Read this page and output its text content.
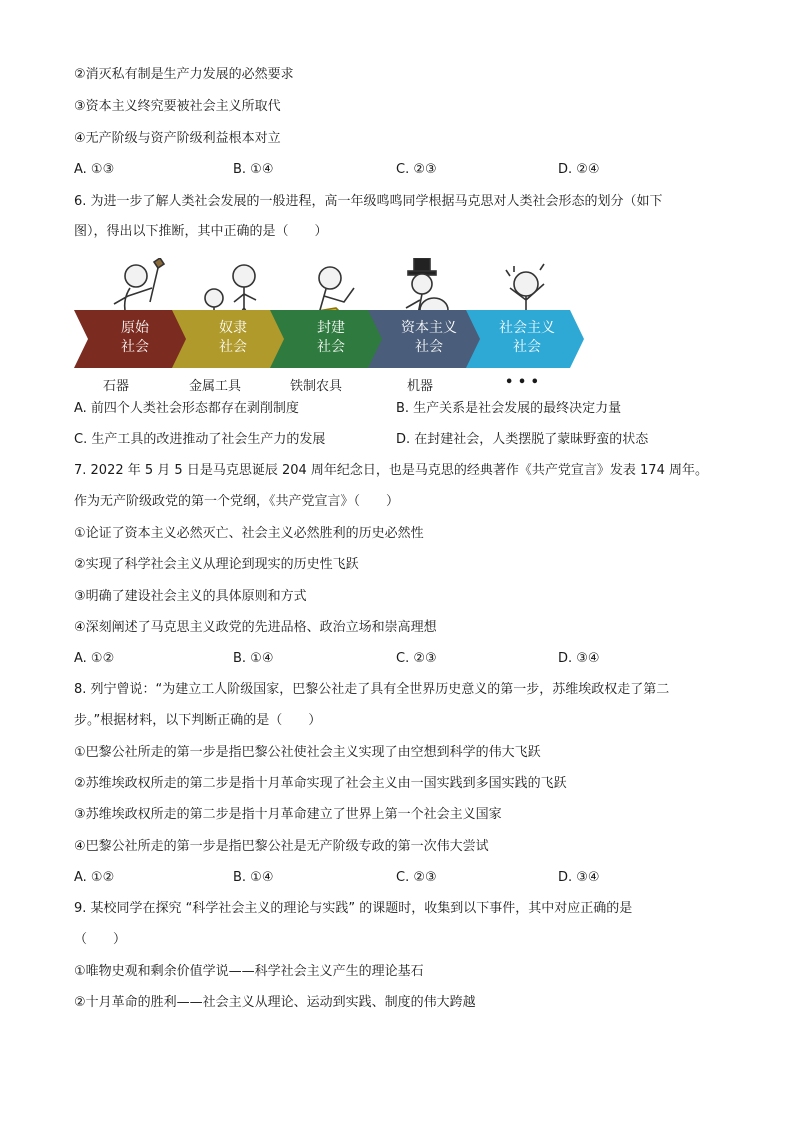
②消灭私有制是生产力发展的必然要求
③资本主义终究要被社会主义所取代
④无产阶级与资产阶级利益根本对立
A. ①③	B. ①④	C. ②③	D. ②④
6. 为进一步了解人类社会发展的一般进程，高一年级鸣鸣同学根据马克思对人类社会形态的划分（如下
图），得出以下推断，其中正确的是（　　）
原始
社会
奴隶
社会
封建
社会
资本主义
社会
社会主义
社会
石器	金属工具	铁制农具	机器	• • •
A. 前四个人类社会形态都存在剥削制度	B. 生产关系是社会发展的最终决定力量
C. 生产工具的改进推动了社会生产力的发展	D. 在封建社会，人类摆脱了蒙昧野蛮的状态
7. 2022 年 5 月 5 日是马克思诞辰 204 周年纪念日，也是马克思的经典著作《共产党宣言》发表 174 周年。
作为无产阶级政党的第一个党纲，《共产党宣言》（　　）
①论证了资本主义必然灭亡、社会主义必然胜利的历史必然性
②实现了科学社会主义从理论到现实的历史性飞跃
③明确了建设社会主义的具体原则和方式
④深刻阐述了马克思主义政党的先进品格、政治立场和崇高理想
A. ①②	B. ①④	C. ②③	D. ③④
8. 列宁曾说：“为建立工人阶级国家，巴黎公社走了具有全世界历史意义的第一步，苏维埃政权走了第二
步。”根据材料，以下判断正确的是（　　）
①巴黎公社所走的第一步是指巴黎公社使社会主义实现了由空想到科学的伟大飞跃
②苏维埃政权所走的第二步是指十月革命实现了社会主义由一国实践到多国实践的飞跃
③苏维埃政权所走的第二步是指十月革命建立了世界上第一个社会主义国家
④巴黎公社所走的第一步是指巴黎公社是无产阶级专政的第一次伟大尝试
A. ①②	B. ①④	C. ②③	D. ③④
9. 某校同学在探究 “科学社会主义的理论与实践” 的课题时，收集到以下事件，其中对应正确的是
（　　）
①唯物史观和剩余价值学说——科学社会主义产生的理论基石
②十月革命的胜利——社会主义从理论、运动到实践、制度的伟大跨越
